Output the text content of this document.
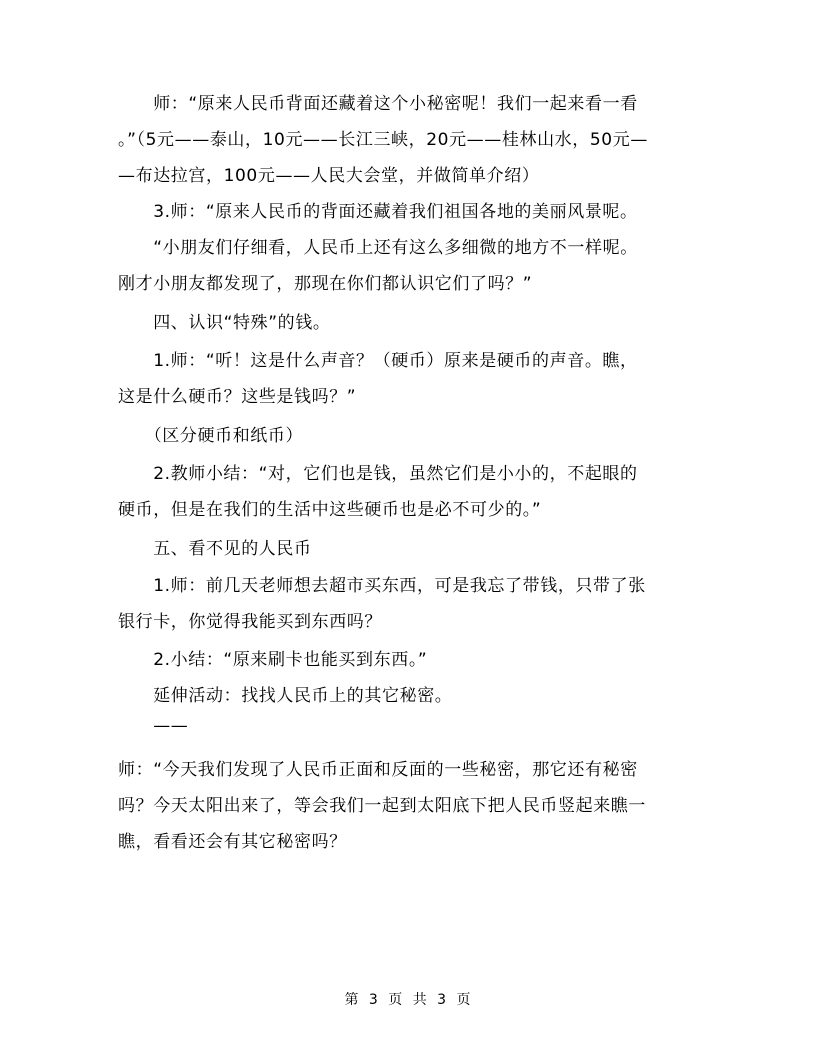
　　师：“原来人民币背面还藏着这个小秘密呢！我们一起来看一看
。”（5元——泰山，10元——长江三峡，20元——桂林山水，50元—
—布达拉宫，100元——人民大会堂，并做简单介绍）
　　3.师：“原来人民币的背面还藏着我们祖国各地的美丽风景呢。
　　“小朋友们仔细看，人民币上还有这么多细微的地方不一样呢。
刚才小朋友都发现了，那现在你们都认识它们了吗？”
　　四、认识“特殊”的钱。
　　1.师：“听！这是什么声音？（硬币）原来是硬币的声音。瞧，
这是什么硬币？这些是钱吗？”
　　（区分硬币和纸币）
　　2.教师小结：“对，它们也是钱，虽然它们是小小的，不起眼的
硬币，但是在我们的生活中这些硬币也是必不可少的。”
　　五、看不见的人民币
　　1.师：前几天老师想去超市买东西，可是我忘了带钱，只带了张
银行卡，你觉得我能买到东西吗？
　　2.小结：“原来刷卡也能买到东西。”
　　延伸活动：找找人民币上的其它秘密。
　　——
师：“今天我们发现了人民币正面和反面的一些秘密，那它还有秘密
吗？今天太阳出来了，等会我们一起到太阳底下把人民币竖起来瞧一
瞧，看看还会有其它秘密吗？
第 3 页 共 3 页
